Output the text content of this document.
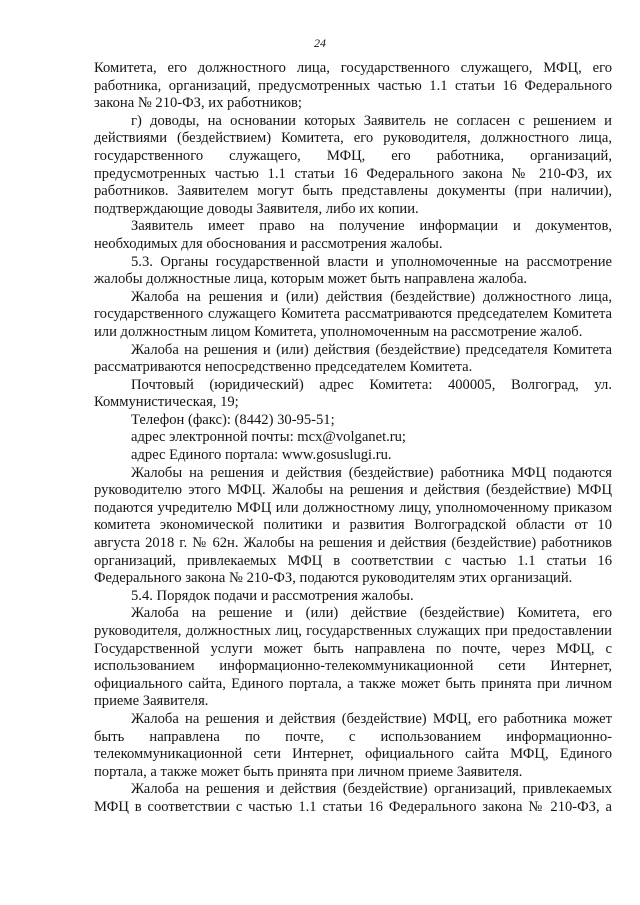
24

Комитета, его должностного лица, государственного служащего, МФЦ, его работника, организаций, предусмотренных частью 1.1 статьи 16 Федерального закона № 210-ФЗ, их работников;

г) доводы, на основании которых Заявитель не согласен с решением и действиями (бездействием) Комитета, его руководителя, должностного лица, государственного служащего, МФЦ, его работника, организаций, предусмотренных частью 1.1 статьи 16 Федерального закона № 210-ФЗ, их работников. Заявителем могут быть представлены документы (при наличии), подтверждающие доводы Заявителя, либо их копии.

Заявитель имеет право на получение информации и документов, необходимых для обоснования и рассмотрения жалобы.

5.3. Органы государственной власти и уполномоченные на рассмотрение жалобы должностные лица, которым может быть направлена жалоба.

Жалоба на решения и (или) действия (бездействие) должностного лица, государственного служащего Комитета рассматриваются председателем Комитета или должностным лицом Комитета, уполномоченным на рассмотрение жалоб.

Жалоба на решения и (или) действия (бездействие) председателя Комитета рассматриваются непосредственно председателем Комитета.

Почтовый (юридический) адрес Комитета: 400005, Волгоград, ул. Коммунистическая, 19;

Телефон (факс): (8442) 30-95-51;

адрес электронной почты: mcx@volganet.ru;

адрес Единого портала: www.gosuslugi.ru.

Жалобы на решения и действия (бездействие) работника МФЦ подаются руководителю этого МФЦ. Жалобы на решения и действия (бездействие) МФЦ подаются учредителю МФЦ или должностному лицу, уполномоченному приказом комитета экономической политики и развития Волгоградской области от 10 августа 2018 г. № 62н. Жалобы на решения и действия (бездействие) работников организаций, привлекаемых МФЦ в соответствии с частью 1.1 статьи 16 Федерального закона № 210-ФЗ, подаются руководителям этих организаций.

5.4. Порядок подачи и рассмотрения жалобы.

Жалоба на решение и (или) действие (бездействие) Комитета, его руководителя, должностных лиц, государственных служащих при предоставлении Государственной услуги может быть направлена по почте, через МФЦ, с использованием информационно-телекоммуникационной сети Интернет, официального сайта, Единого портала, а также может быть принята при личном приеме Заявителя.

Жалоба на решения и действия (бездействие) МФЦ, его работника может быть направлена по почте, с использованием информационно-телекоммуникационной сети Интернет, официального сайта МФЦ, Единого портала, а также может быть принята при личном приеме Заявителя.

Жалоба на решения и действия (бездействие) организаций, привлекаемых МФЦ в соответствии с частью 1.1 статьи 16 Федерального закона № 210-ФЗ, а
